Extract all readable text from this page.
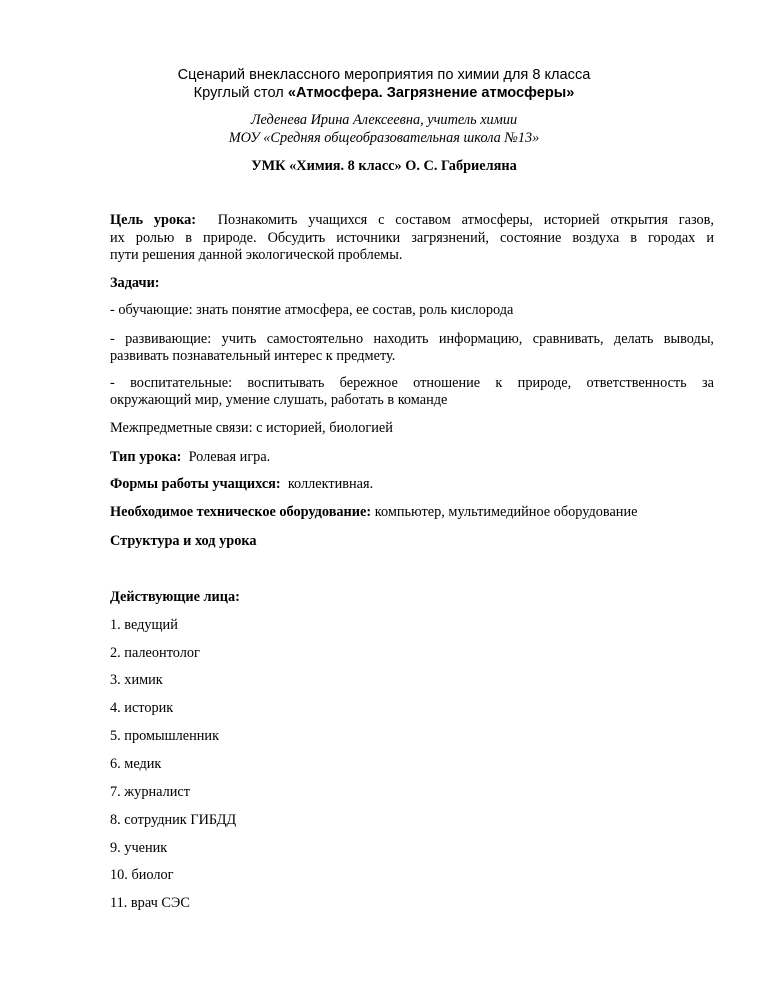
Сценарий внеклассного мероприятия по химии для 8 класса
Круглый стол «Атмосфера. Загрязнение атмосферы»
Леденева Ирина Алексеевна, учитель химии
МОУ «Средняя общеобразовательная школа №13»
УМК «Химия. 8 класс» О. С. Габриеляна
Цель урока: Познакомить учащихся с составом атмосферы, историей открытия газов,
их ролью в природе. Обсудить источники загрязнений, состояние воздуха в городах и
пути решения данной экологической проблемы.
Задачи:
- обучающие: знать понятие атмосфера, ее состав, роль кислорода
- развивающие: учить самостоятельно находить информацию, сравнивать, делать выводы,
развивать познавательный интерес к предмету.
- воспитательные: воспитывать бережное отношение к природе, ответственность за
окружающий мир, умение слушать, работать в команде
Межпредметные связи: с историей, биологией
Тип урока: Ролевая игра.
Формы работы учащихся: коллективная.
Необходимое техническое оборудование: компьютер, мультимедийное оборудование
Структура и ход урока
Действующие лица:
1. ведущий
2. палеонтолог
3. химик
4. историк
5. промышленник
6. медик
7. журналист
8. сотрудник ГИБДД
9. ученик
10. биолог
11. врач СЭС
